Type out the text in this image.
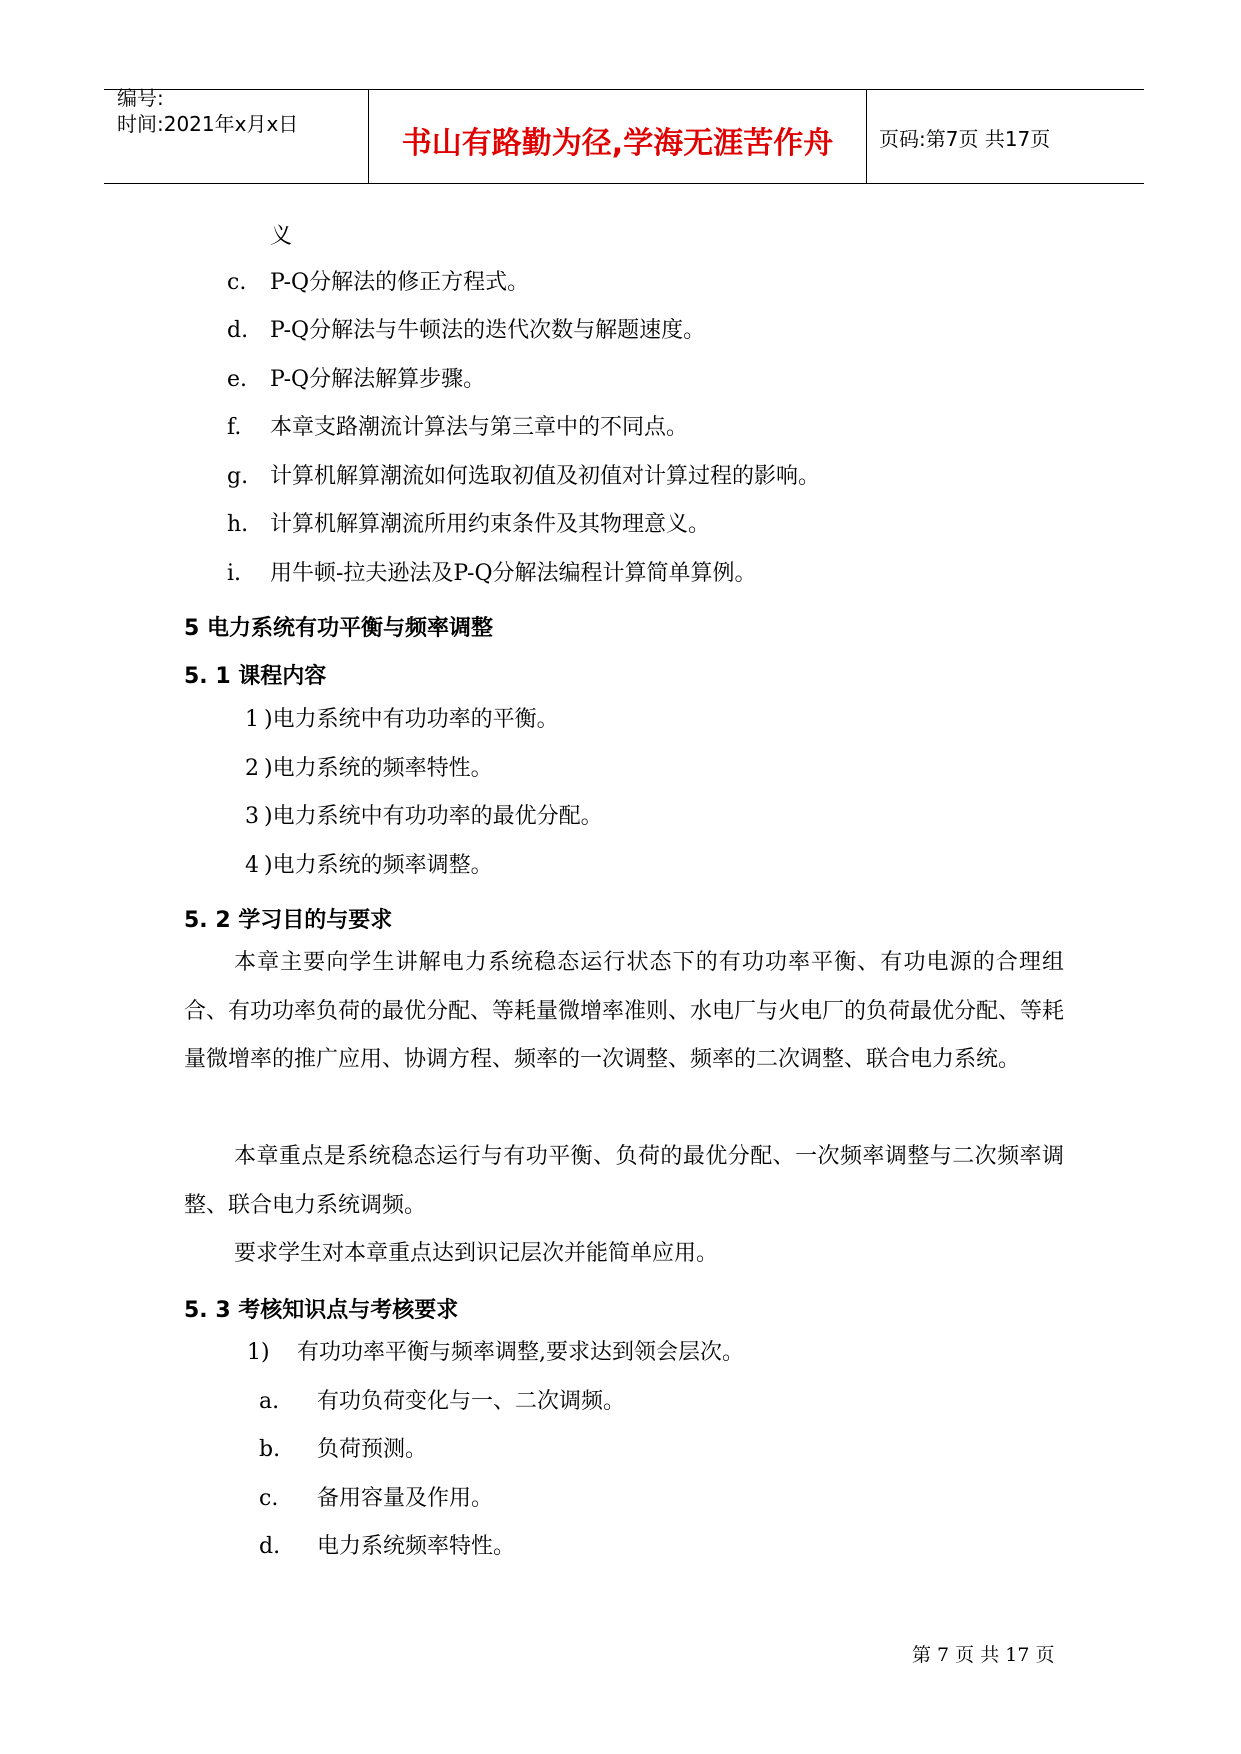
编号:
时间:2021年x月x日
书山有路勤为径,学海无涯苦作舟	页码:第7页 共17页
义
c. P-Q分解法的修正方程式。
d. P-Q分解法与牛顿法的迭代次数与解题速度。
e. P-Q分解法解算步骤。
f. 本章支路潮流计算法与第三章中的不同点。
g. 计算机解算潮流如何选取初值及初值对计算过程的影响。
h. 计算机解算潮流所用约束条件及其物理意义。
i. 用牛顿-拉夫逊法及P-Q分解法编程计算简单算例。
5 电力系统有功平衡与频率调整
5. 1 课程内容
1 )电力系统中有功功率的平衡。
2 )电力系统的频率特性。
3 )电力系统中有功功率的最优分配。
4 )电力系统的频率调整。
5. 2 学习目的与要求
本章主要向学生讲解电力系统稳态运行状态下的有功功率平衡、有功电源的合理组合、有功功率负荷的最优分配、等耗量微增率准则、水电厂与火电厂的负荷最优分配、等耗量微增率的推广应用、协调方程、频率的一次调整、频率的二次调整、联合电力系统。
本章重点是系统稳态运行与有功平衡、负荷的最优分配、一次频率调整与二次频率调整、联合电力系统调频。
要求学生对本章重点达到识记层次并能简单应用。
5. 3 考核知识点与考核要求
1) 有功功率平衡与频率调整,要求达到领会层次。
a. 有功负荷变化与一、二次调频。
b. 负荷预测。
c. 备用容量及作用。
d. 电力系统频率特性。
第 7 页 共 17 页
